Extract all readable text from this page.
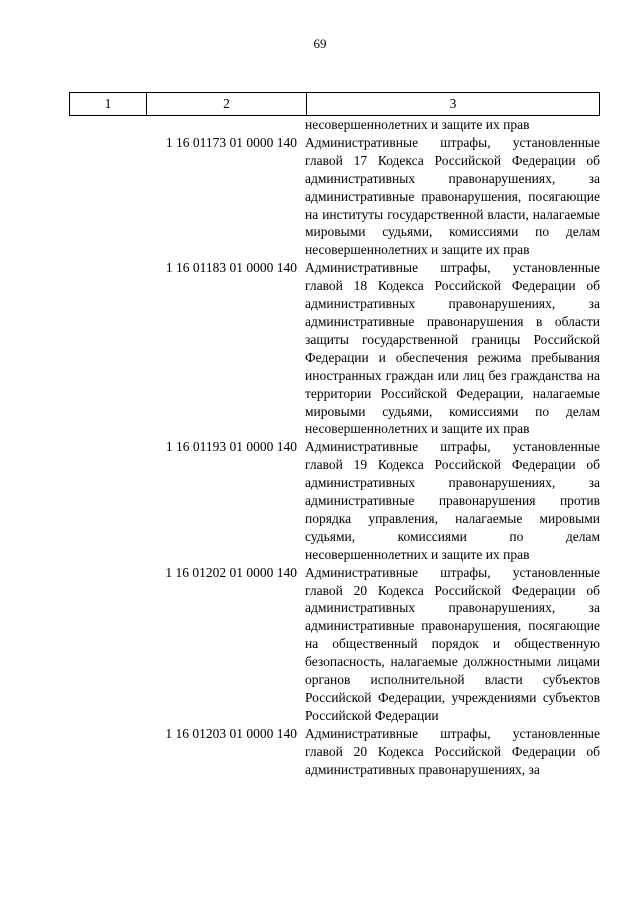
69
1	2	3
несовершеннолетних и защите их прав
1 16 01173 01 0000 140 Административные штрафы, установленные главой 17 Кодекса Российской Федерации об административных правонарушениях, за административные правонарушения, посягающие на институты государственной власти, налагаемые мировыми судьями, комиссиями по делам несовершеннолетних и защите их прав
1 16 01183 01 0000 140 Административные штрафы, установленные главой 18 Кодекса Российской Федерации об административных правонарушениях, за административные правонарушения в области защиты государственной границы Российской Федерации и обеспечения режима пребывания иностранных граждан или лиц без гражданства на территории Российской Федерации, налагаемые мировыми судьями, комиссиями по делам несовершеннолетних и защите их прав
1 16 01193 01 0000 140 Административные штрафы, установленные главой 19 Кодекса Российской Федерации об административных правонарушениях, за административные правонарушения против порядка управления, налагаемые мировыми судьями, комиссиями по делам несовершеннолетних и защите их прав
1 16 01202 01 0000 140 Административные штрафы, установленные главой 20 Кодекса Российской Федерации об административных правонарушениях, за административные правонарушения, посягающие на общественный порядок и общественную безопасность, налагаемые должностными лицами органов исполнительной власти субъектов Российской Федерации, учреждениями субъектов Российской Федерации
1 16 01203 01 0000 140 Административные штрафы, установленные главой 20 Кодекса Российской Федерации об административных правонарушениях, за
